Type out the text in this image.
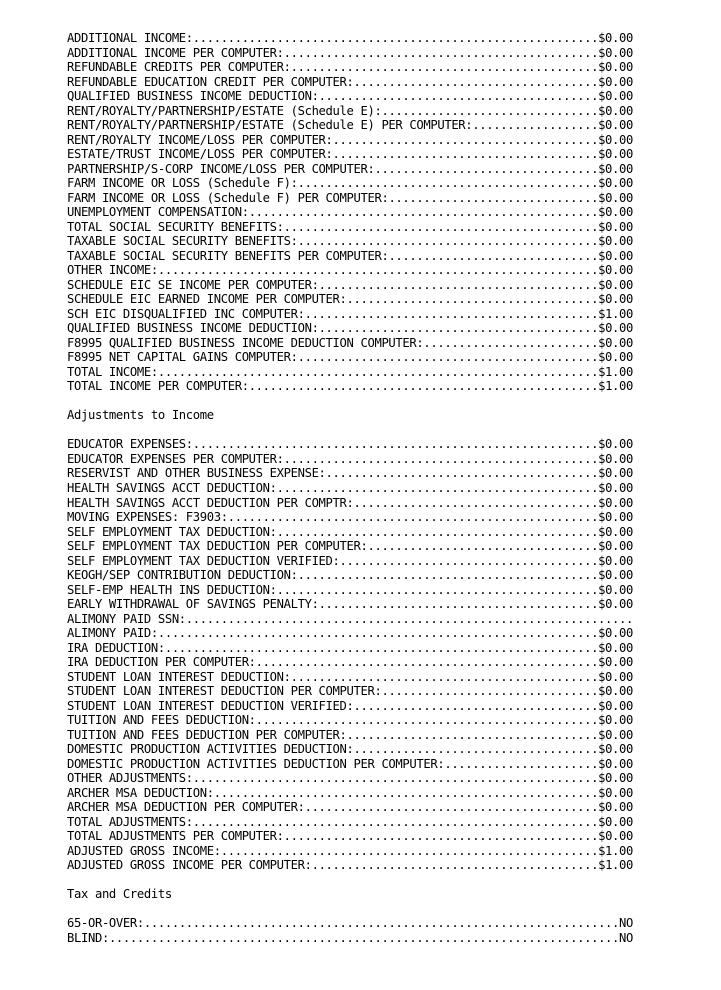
ADDITIONAL INCOME:..........................................................$0.00
ADDITIONAL INCOME PER COMPUTER:.............................................$0.00
REFUNDABLE CREDITS PER COMPUTER:............................................$0.00
REFUNDABLE EDUCATION CREDIT PER COMPUTER:...................................$0.00
QUALIFIED BUSINESS INCOME DEDUCTION:........................................$0.00
RENT/ROYALTY/PARTNERSHIP/ESTATE (Schedule E):...............................$0.00
RENT/ROYALTY/PARTNERSHIP/ESTATE (Schedule E) PER COMPUTER:..................$0.00
RENT/ROYALTY INCOME/LOSS PER COMPUTER:......................................$0.00
ESTATE/TRUST INCOME/LOSS PER COMPUTER:......................................$0.00
PARTNERSHIP/S-CORP INCOME/LOSS PER COMPUTER:................................$0.00
FARM INCOME OR LOSS (Schedule F):...........................................$0.00
FARM INCOME OR LOSS (Schedule F) PER COMPUTER:..............................$0.00
UNEMPLOYMENT COMPENSATION:..................................................$0.00
TOTAL SOCIAL SECURITY BENEFITS:.............................................$0.00
TAXABLE SOCIAL SECURITY BENEFITS:...........................................$0.00
TAXABLE SOCIAL SECURITY BENEFITS PER COMPUTER:..............................$0.00
OTHER INCOME:...............................................................$0.00
SCHEDULE EIC SE INCOME PER COMPUTER:........................................$0.00
SCHEDULE EIC EARNED INCOME PER COMPUTER:....................................$0.00
SCH EIC DISQUALIFIED INC COMPUTER:..........................................$1.00
QUALIFIED BUSINESS INCOME DEDUCTION:........................................$0.00
F8995 QUALIFIED BUSINESS INCOME DEDUCTION COMPUTER:.........................$0.00
F8995 NET CAPITAL GAINS COMPUTER:...........................................$0.00
TOTAL INCOME:...............................................................$1.00
TOTAL INCOME PER COMPUTER:..................................................$1.00
Adjustments to Income
EDUCATOR EXPENSES:..........................................................$0.00
EDUCATOR EXPENSES PER COMPUTER:.............................................$0.00
RESERVIST AND OTHER BUSINESS EXPENSE:.......................................$0.00
HEALTH SAVINGS ACCT DEDUCTION:..............................................$0.00
HEALTH SAVINGS ACCT DEDUCTION PER COMPTR:...................................$0.00
MOVING EXPENSES: F3903:.....................................................$0.00
SELF EMPLOYMENT TAX DEDUCTION:..............................................$0.00
SELF EMPLOYMENT TAX DEDUCTION PER COMPUTER:.................................$0.00
SELF EMPLOYMENT TAX DEDUCTION VERIFIED:.....................................$0.00
KEOGH/SEP CONTRIBUTION DEDUCTION:...........................................$0.00
SELF-EMP HEALTH INS DEDUCTION:..............................................$0.00
EARLY WITHDRAWAL OF SAVINGS PENALTY:........................................$0.00
ALIMONY PAID SSN:................................................................
ALIMONY PAID:...............................................................$0.00
IRA DEDUCTION:..............................................................$0.00
IRA DEDUCTION PER COMPUTER:.................................................$0.00
STUDENT LOAN INTEREST DEDUCTION:............................................$0.00
STUDENT LOAN INTEREST DEDUCTION PER COMPUTER:...............................$0.00
STUDENT LOAN INTEREST DEDUCTION VERIFIED:...................................$0.00
TUITION AND FEES DEDUCTION:.................................................$0.00
TUITION AND FEES DEDUCTION PER COMPUTER:....................................$0.00
DOMESTIC PRODUCTION ACTIVITIES DEDUCTION:...................................$0.00
DOMESTIC PRODUCTION ACTIVITIES DEDUCTION PER COMPUTER:......................$0.00
OTHER ADJUSTMENTS:..........................................................$0.00
ARCHER MSA DEDUCTION:.......................................................$0.00
ARCHER MSA DEDUCTION PER COMPUTER:..........................................$0.00
TOTAL ADJUSTMENTS:..........................................................$0.00
TOTAL ADJUSTMENTS PER COMPUTER:.............................................$0.00
ADJUSTED GROSS INCOME:......................................................$1.00
ADJUSTED GROSS INCOME PER COMPUTER:.........................................$1.00
Tax and Credits
65-OR-OVER:....................................................................NO
BLIND:.........................................................................NO
